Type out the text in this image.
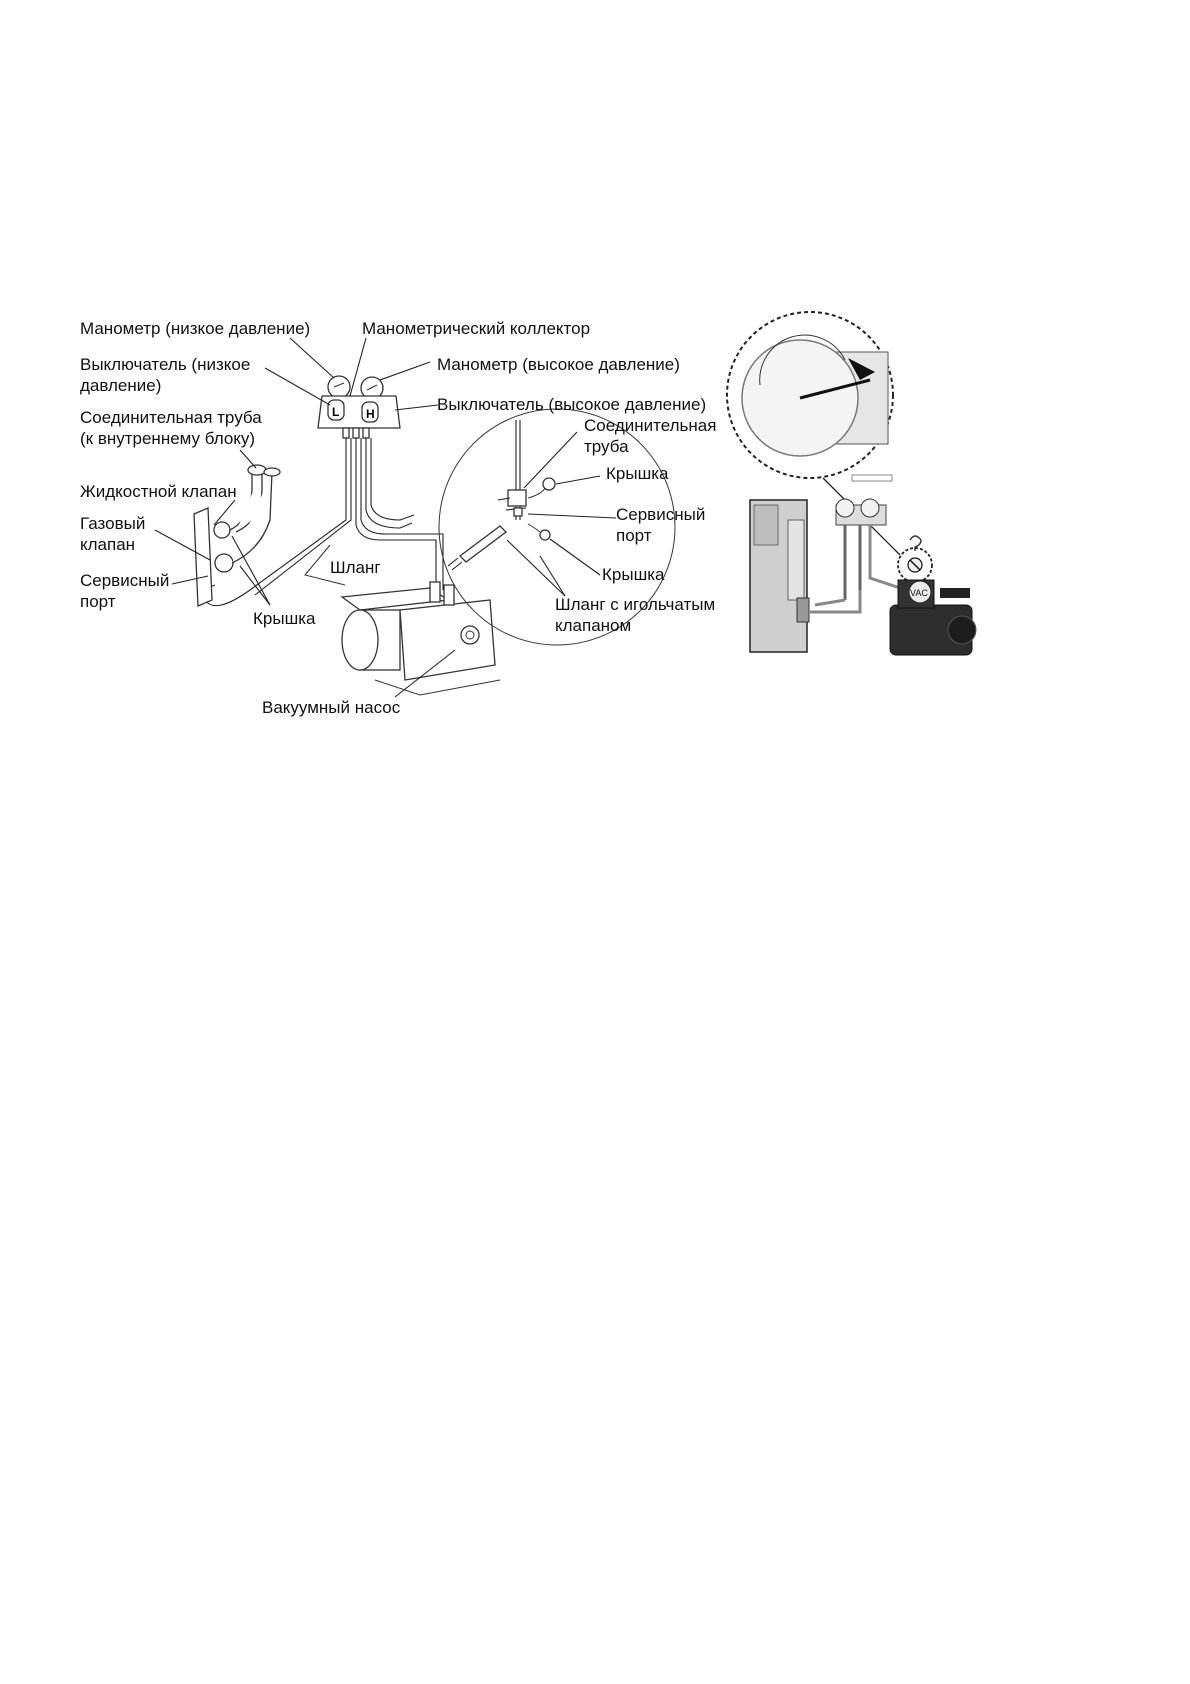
L H
VAC
Манометр (низкое давление)	Манометрический коллектор
Выключатель (низкое
давление)
Манометр (высокое давление)
Выключатель (высокое давление)
Соединительная труба
(к внутреннему блоку)
Жидкостной клапан
Газовый
клапан
Сервисный
порт
Крышка
Шланг
Вакуумный насос
Соединительная
труба
Крышка
Сервисный
порт
Крышка
Шланг с игольчатым
клапаном
